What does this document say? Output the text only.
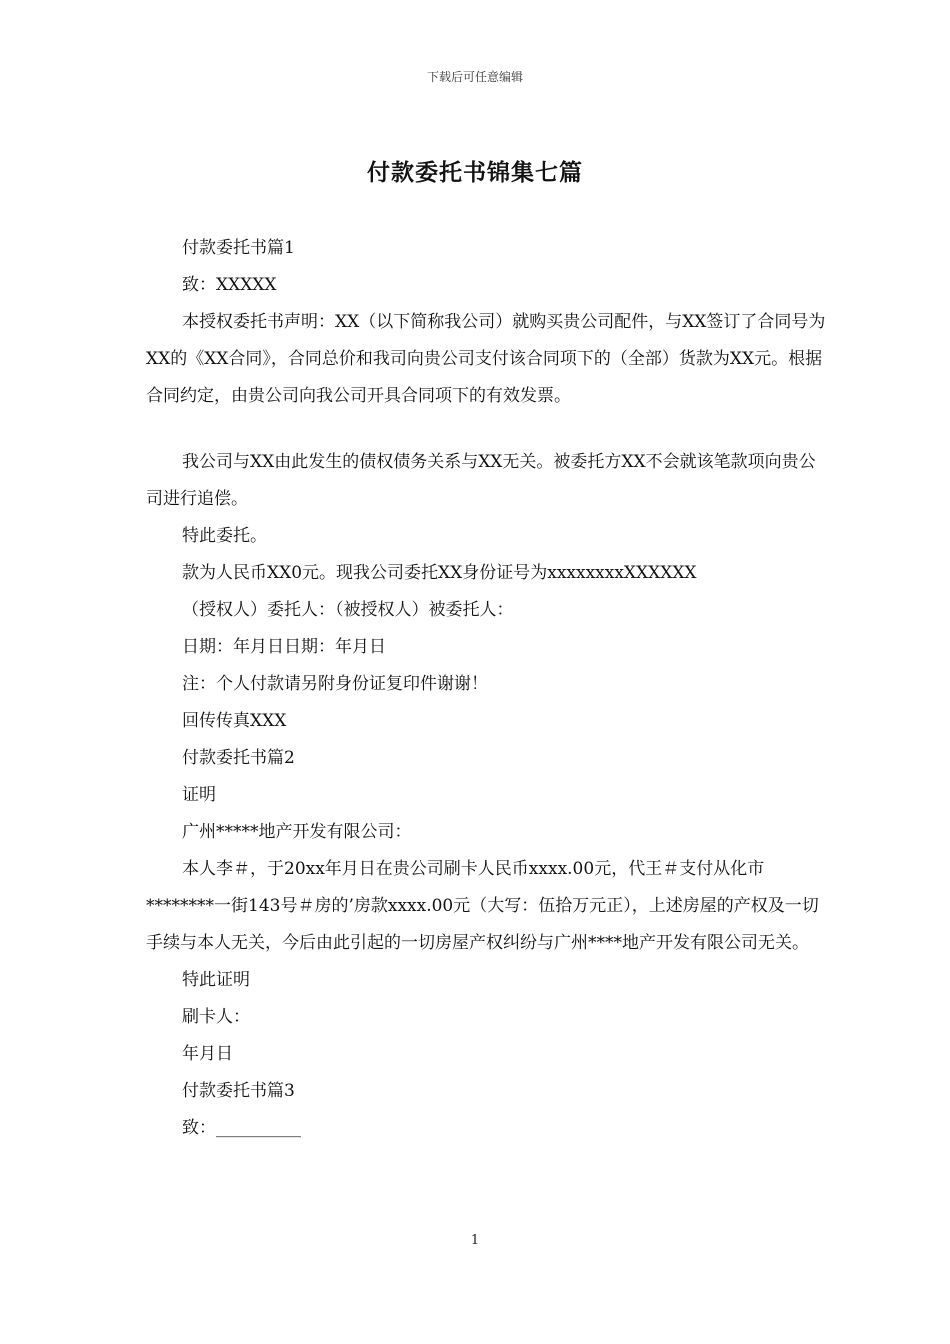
下载后可任意编辑
付款委托书锦集七篇

付款委托书篇1

致：XXXXX

本授权委托书声明：XX（以下简称我公司）就购买贵公司配件，与XX签订了合同号为XX的《XX合同》，合同总价和我司向贵公司支付该合同项下的（全部）货款为XX元。根据合同约定，由贵公司向我公司开具合同项下的有效发票。

我公司与XX由此发生的债权债务关系与XX无关。被委托方XX不会就该笔款项向贵公司进行追偿。

特此委托。

款为人民币XX0元。现我公司委托XX身份证号为xxxxxxxxXXXXXX

（授权人）委托人：（被授权人）被委托人：

日期：年月日日期：年月日

注：个人付款请另附身份证复印件谢谢！

回传传真XXX

付款委托书篇2

证明

广州*****地产开发有限公司：

本人李＃，于20xx年月日在贵公司刷卡人民币xxxx.00元，代王＃支付从化市********一街143号＃房的’房款xxxx.00元（大写：伍拾万元正），上述房屋的产权及一切手续与本人无关，今后由此引起的一切房屋产权纠纷与广州****地产开发有限公司无关。

特此证明

刷卡人：

年月日

付款委托书篇3

致：__________

1
